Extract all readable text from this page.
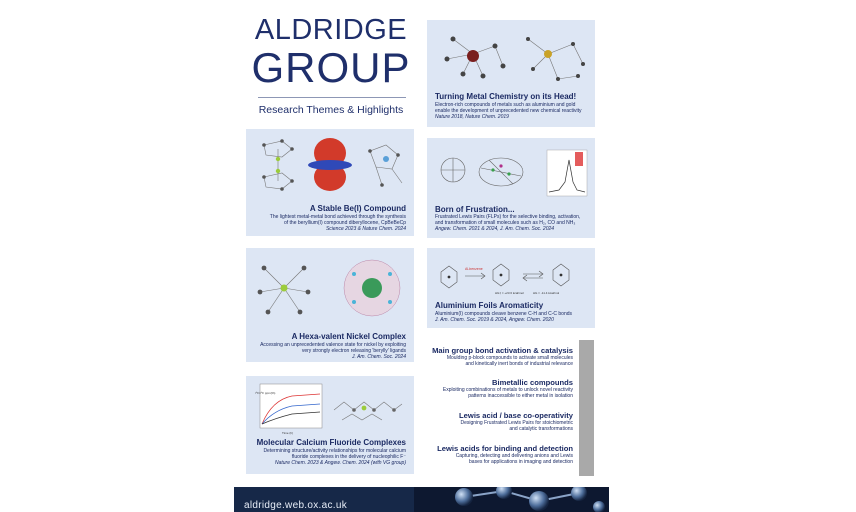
ALDRIDGE
GROUP
Research Themes & Highlights
Turning Metal Chemistry on its Head!
Electron-rich compounds of metals such as aluminium and gold
enable the development of unprecedented new chemical reactivity
Nature 2018, Nature Chem. 2019
A Stable Be(I) Compound
The lightest metal-metal bond achieved through the synthesis
of the beryllium(I) compound diberyllocene, CpBeBeCp
Science 2023 & Nature Chem. 2024
Born of Frustration...
Frustrated Lewis Pairs (FLPs) for the selective binding, activation,
and transformation of small molecules such as H₂, CO and NH₃
Angew. Chem. 2021 & 2024, J. Am. Chem. Soc. 2024
A Hexa-valent Nickel Complex
Accessing an unprecedented valence state for nickel by exploiting
very strongly electron releasing 'berylly' ligands
J. Am. Chem. Soc. 2024
Al-benzene
ΔG‡ = +23.6 kcal/mol	ΔG = -11.4 kcal/mol
Aluminium Foils Aromaticity
Aluminium(I) compounds cleave benzene C-H and C-C bonds
J. Am. Chem. Soc. 2019 & 2024, Angew. Chem. 2020
¹⁹F/¹⁹F ppm(%)
Time (h)
Molecular Calcium Fluoride Complexes
Determining structure/activity relationships for molecular calcium
fluoride complexes in the delivery of nucleophilic F⁻
Nature Chem. 2023 & Angew. Chem. 2024 (with VG group)
Main group bond activation & catalysis
Moulding p-block compounds to activate small molecules
and kinetically inert bonds of industrial relevance
Bimetallic compounds
Exploiting combinations of metals to unlock novel reactivity
patterns inaccessible to either metal in isolation
Lewis acid / base co-operativity
Designing Frustrated Lewis Pairs for stoichiometric
and catalytic transformations
Lewis acids for binding and detection
Capturing, detecting and delivering anions and Lewis
bases for applications in imaging and detection
aldridge.web.ox.ac.uk
